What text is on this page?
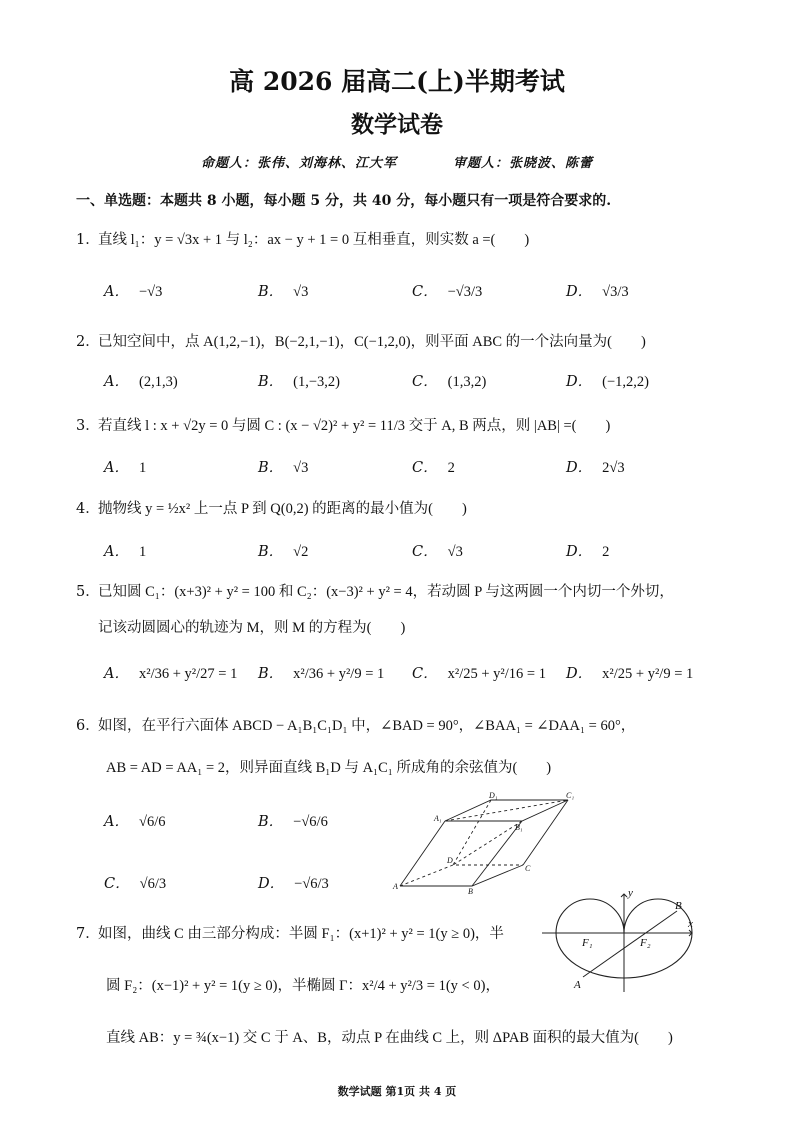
高 2026 届高二(上)半期考试
数学试卷
命题人：张伟、刘海林、江大军	审题人：张晓波、陈蕾
一、单选题：本题共 8 小题，每小题 5 分，共 40 分，每小题只有一项是符合要求的.
1．直线 l₁：y = √3x + 1 与 l₂：ax − y + 1 = 0 互相垂直，则实数 a =(　　)
A． −√3	B． √3	C． −√3/3	D． √3/3
2．已知空间中，点 A(1,2,−1)，B(−2,1,−1)，C(−1,2,0)，则平面 ABC 的一个法向量为(　　)
A． (2,1,3)	B． (1,−3,2)	C． (1,3,2)	D． (−1,2,2)
3．若直线 l : x + √2y = 0 与圆 C : (x − √2)² + y² = 11/3 交于 A, B 两点，则 |AB| =(　　)
A． 1	B． √3	C． 2	D． 2√3
4．抛物线 y = ½x² 上一点 P 到 Q(0,2) 的距离的最小值为(　　)
A． 1	B． √2	C． √3	D． 2
5．已知圆 C₁：(x+3)² + y² = 100 和 C₂：(x−3)² + y² = 4，若动圆 P 与这两圆一个内切一个外切，
记该动圆圆心的轨迹为 M，则 M 的方程为(　　)
A． x²/36 + y²/27 = 1 B． x²/36 + y²/9 = 1 C． x²/25 + y²/16 = 1 D． x²/25 + y²/9 = 1
6．如图，在平行六面体 ABCD − A₁B₁C₁D₁ 中，∠BAD = 90°，∠BAA₁ = ∠DAA₁ = 60°，
AB = AD = AA₁ = 2，则异面直线 B₁D 与 A₁C₁ 所成角的余弦值为(　　)
A． √6/6	B． −√6/6
C． √6/3	D． −√6/3
D₁	C₁
A₁
B₁
D
C
A
B
7．如图，曲线 C 由三部分构成：半圆 F₁：(x+1)² + y² = 1(y ≥ 0)，半
圆 F₂：(x−1)² + y² = 1(y ≥ 0)，半椭圆 Γ：x²/4 + y²/3 = 1(y < 0)，
直线 AB：y = ¾(x−1) 交 C 于 A、B，动点 P 在曲线 C 上，则 ΔPAB 面积的最大值为(　　)
y
x
B
F₁	F₂
A
数学试题 第1页 共 4 页
